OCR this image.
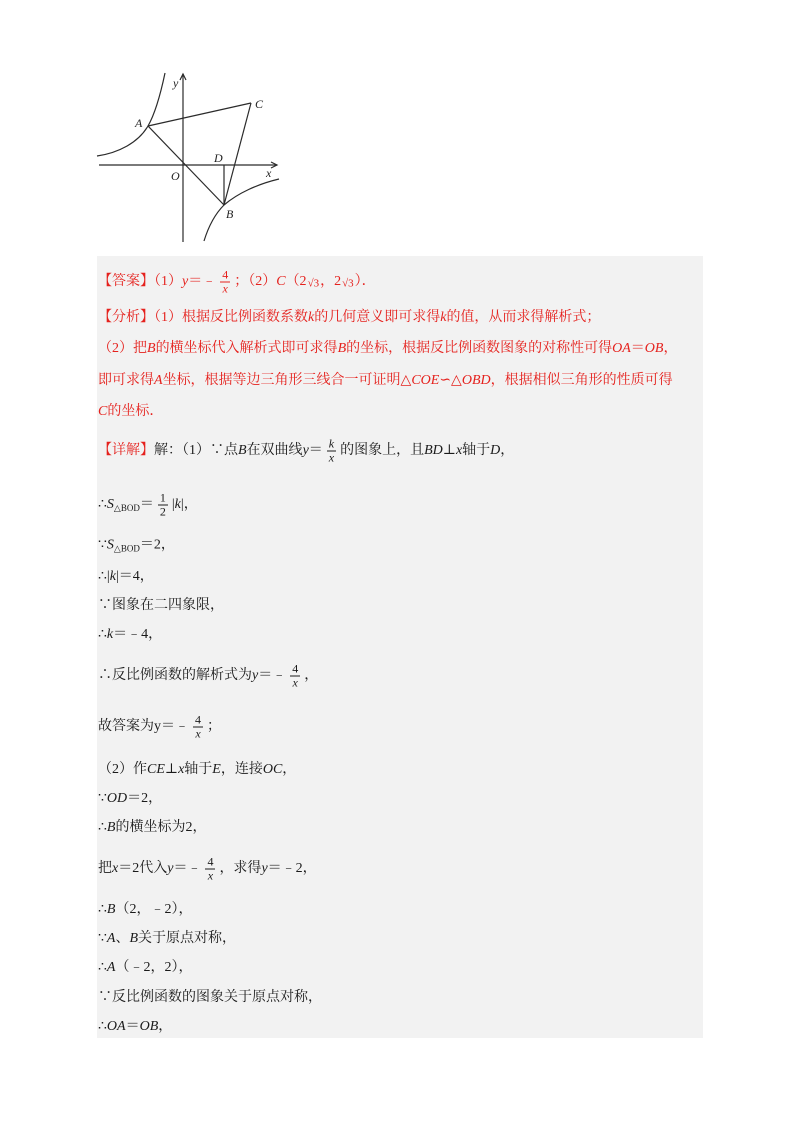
y
x
O
A
C
D
B
【答案】（1）y＝﹣ $\frac{4}{x}$ ；（2）C（2√3，2√3）．
【分析】（1）根据反比例函数系数k的几何意义即可求得k的值，从而求得解析式；
（2）把B的横坐标代入解析式即可求得B的坐标，根据反比例函数图象的对称性可得OA＝OB，
即可求得A坐标，根据等边三角形三线合一可证明△COE∽△OBD，根据相似三角形的性质可得
C的坐标．
【详解】解：（1）∵点B在双曲线$y= \frac{k}{x}$ 的图象上，且BD⊥x轴于D，
$\therefore S_{\triangle BOD}= \frac{1}{2} |k|$，
$\because S_{\triangle BOD}=2$，
∴|k|＝4，
∵图象在二四象限，
∴k＝﹣4，
∴反比例函数的解析式为y＝﹣ $\frac{4}{x}$ ，
故答案为y＝﹣ $\frac{4}{x}$ ；
（2）作CE⊥x轴于E，连接OC，
∵OD＝2，
∴B的横坐标为2，
把x＝2代入y＝﹣ $\frac{4}{x}$ ，求得y＝﹣2，
∴B（2，﹣2），
∵A、B关于原点对称，
∴A（﹣2，2），
∵反比例函数的图象关于原点对称，
∴OA＝OB，
